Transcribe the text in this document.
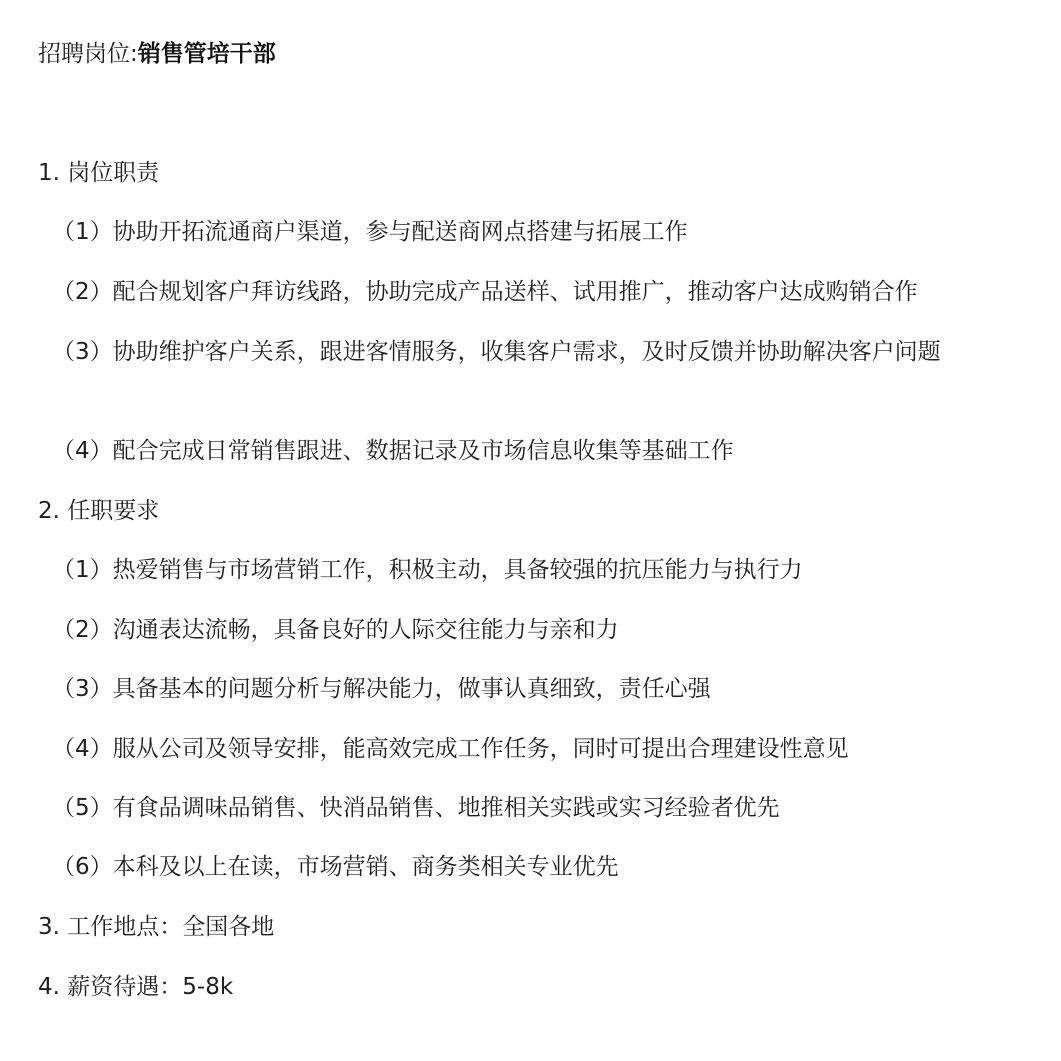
招聘岗位:销售管培干部
1. 岗位职责
（1）协助开拓流通商户渠道，参与配送商网点搭建与拓展工作
（2）配合规划客户拜访线路，协助完成产品送样、试用推广，推动客户达成购销合作
（3）协助维护客户关系，跟进客情服务，收集客户需求，及时反馈并协助解决客户问题
（4）配合完成日常销售跟进、数据记录及市场信息收集等基础工作
2. 任职要求
（1）热爱销售与市场营销工作，积极主动，具备较强的抗压能力与执行力
（2）沟通表达流畅，具备良好的人际交往能力与亲和力
（3）具备基本的问题分析与解决能力，做事认真细致，责任心强
（4）服从公司及领导安排，能高效完成工作任务，同时可提出合理建设性意见
（5）有食品调味品销售、快消品销售、地推相关实践或实习经验者优先
（6）本科及以上在读，市场营销、商务类相关专业优先
3. 工作地点：全国各地
4. 薪资待遇：5-8k
